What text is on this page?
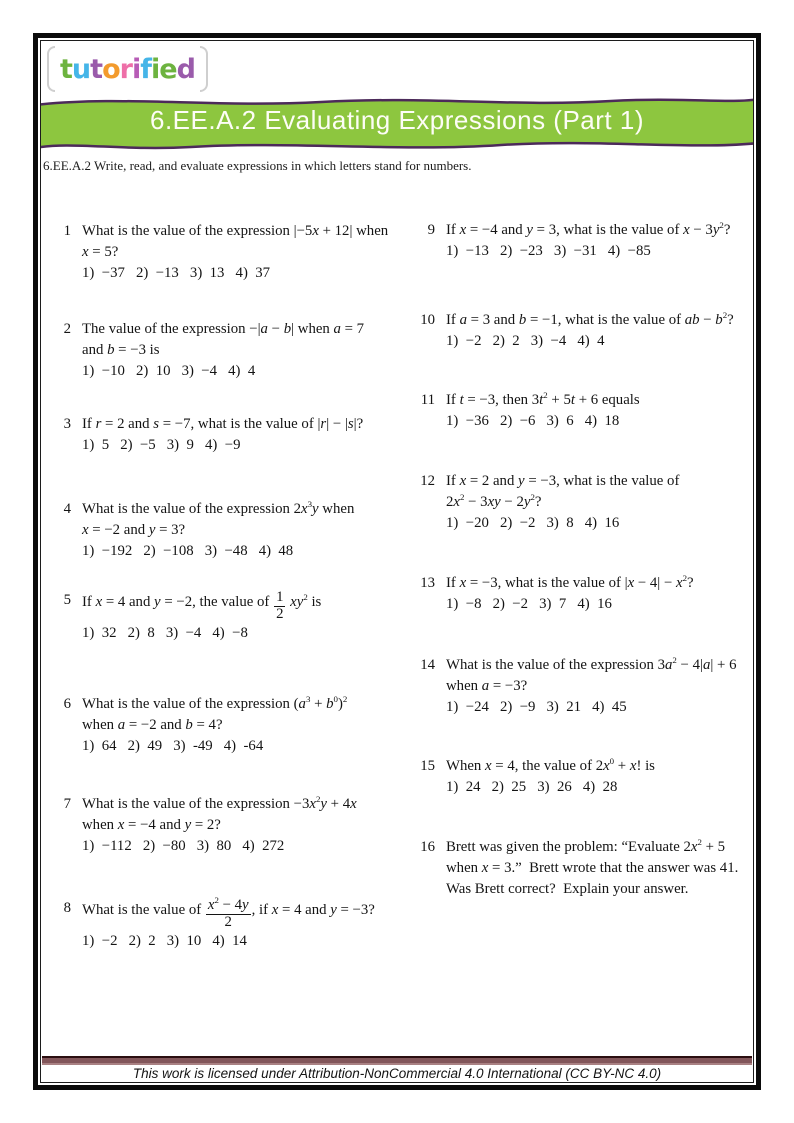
tutorified
6.EE.A.2 Evaluating Expressions (Part 1)
6.EE.A.2 Write, read, and evaluate expressions in which letters stand for numbers.
1 What is the value of the expression |−5x + 12| when
x = 5?
1)  −37   2)  −13   3)  13   4)  37
2 The value of the expression −|a − b| when a = 7
and b = −3 is
1)  −10   2)  10   3)  −4   4)  4
3 If r = 2 and s = −7, what is the value of |r| − |s|?
1)  5   2)  −5   3)  9   4)  −9
4 What is the value of the expression $2x^3y$ when
x = −2 and y = 3?
1)  −192   2)  −108   3)  −48   4)  48
5 If x = 4 and y = −2, the value of $\frac{1}{2} xy^2$ is
1)  32   2)  8   3)  −4   4)  −8
6 What is the value of the expression $(a^3 + b^0)^2$
when a = −2 and b = 4?
1)  64   2)  49   3)  -49   4)  -64
7 What is the value of the expression $-3x^2y + 4x$
when x = −4 and y = 2?
1)  −112   2)  −80   3)  80   4)  272
8 What is the value of $\frac{x^2 - 4y}{2}$ , if x = 4 and y = −3?
1)  −2   2)  2   3)  10   4)  14
9 If x = −4 and y = 3, what is the value of $x - 3y^2$?
1)  −13   2)  −23   3)  −31   4)  −85
10 If a = 3 and b = −1, what is the value of ab − $b^2$?
1)  −2   2)  2   3)  −4   4)  4
11 If t = −3, then $3t^2 + 5t + 6$ equals
1)  −36   2)  −6   3)  6   4)  18
12 If x = 2 and y = −3, what is the value of
$2x^2 - 3xy - 2y^2$?
1)  −20   2)  −2   3)  8   4)  16
13 If x = −3, what is the value of $|x - 4| - x^2$?
1)  −8   2)  −2   3)  7   4)  16
14 What is the value of the expression $3a^2 - 4|a| + 6$
when a = −3?
1)  −24   2)  −9   3)  21   4)  45
15 When x = 4, the value of $2x^0 + x$! is
1)  24   2)  25   3)  26   4)  28
16 Brett was given the problem: “Evaluate $2x^2 + 5$
when x = 3.”  Brett wrote that the answer was 41.
Was Brett correct?  Explain your answer.
This work is licensed under Attribution-NonCommercial 4.0 International (CC BY-NC 4.0)
